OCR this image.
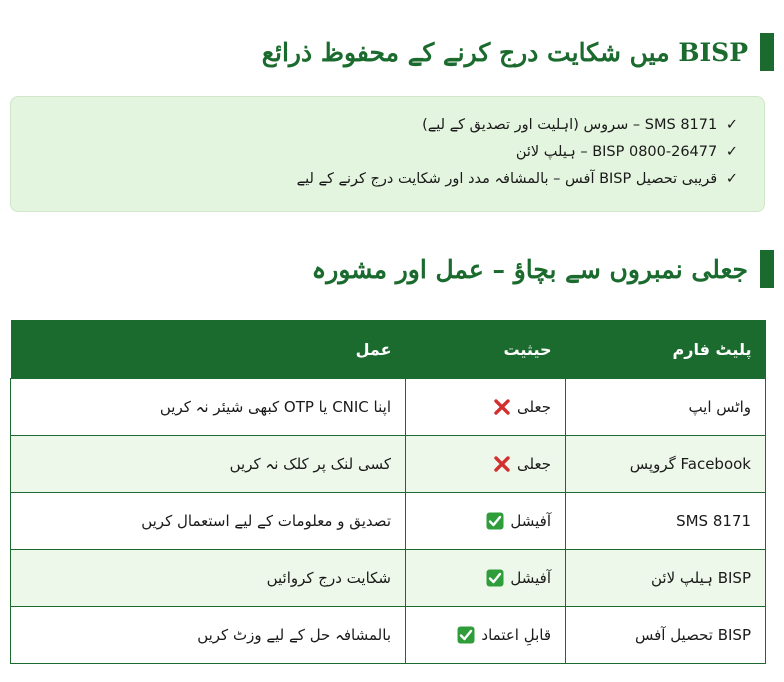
BISP میں شکایت درج کرنے کے محفوظ ذرائع
✓ SMS 8171 – سروس (اہلیت اور تصدیق کے لیے)
✓ BISP 0800-26477 – ہیلپ لائن
✓ قریبی تحصیل BISP آفس – بالمشافہ مدد اور شکایت درج کرنے کے لیے
جعلی نمبروں سے بچاؤ – عمل اور مشورہ
پلیٹ فارم	حیثیت	عمل
واٹس ایپ	جعلی	اپنا CNIC یا OTP کبھی شیئر نہ کریں
Facebook گروپس	جعلی	کسی لنک پر کلک نہ کریں
SMS 8171	آفیشل	تصدیق و معلومات کے لیے استعمال کریں
BISP ہیلپ لائن	آفیشل	شکایت درج کروائیں
BISP تحصیل آفس	قابلِ اعتماد	بالمشافہ حل کے لیے وزٹ کریں
